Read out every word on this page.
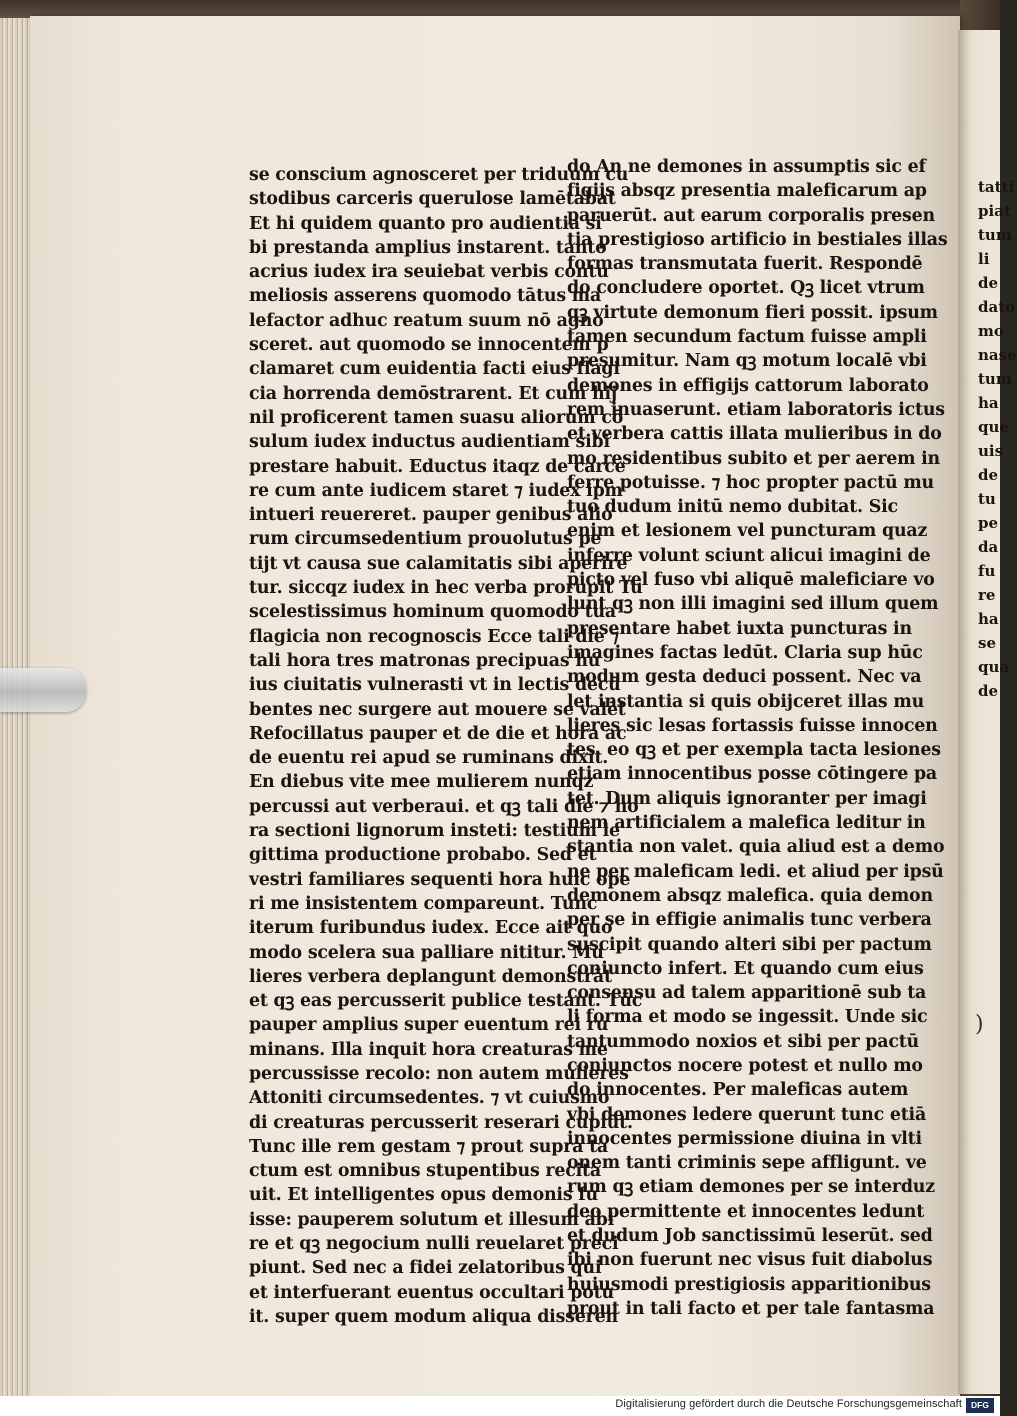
se conscium agnosceret per triduum cu
stodibus carceris querulose lamētabat
Et hi quidem quanto pro audientia si
bi prestanda amplius instarent. tanto
acrius iudex ira seuiebat verbis contu
meliosis asserens quomodo tātus ma
lefactor adhuc reatum suum nō agno
sceret. aut quomodo se innocentem p
clamaret cum euidentia facti eius flagi
cia horrenda demōstrarent. Et cum hij
nil proficerent tamen suasu aliorum cō
sulum iudex inductus audientiam sibi
prestare habuit. Eductus itaqz de carce
re cum ante iudicem staret ⁊ iudex ipm
intueri reuereret. pauper genibus alio
rum circumsedentium prouolutus pe
tijt vt causa sue calamitatis sibi aperire
tur. siccqz iudex in hec verba prorupit Tu
scelestissimus hominum quomodo tua
flagicia non recognoscis Ecce tali die ⁊
tali hora tres matronas precipuas hu
ius ciuitatis vulnerasti vt in lectis decū
bentes nec surgere aut mouere se valēt
Refocillatus pauper et de die et hora ac
de euentu rei apud se ruminans dixit.
En diebus vite mee mulierem nunqz
percussi aut verberaui. et qꝫ tali die ⁊ ho
ra sectioni lignorum insteti: testium le
gittima productione probabo. Sed et
vestri familiares sequenti hora huic ope
ri me insistentem compareunt. Tunc
iterum furibundus iudex. Ecce ait quo
modo scelera sua palliare nititur. Mu
lieres verbera deplangunt demonstrāt
et qꝫ eas percusserit publice testant. Tūc
pauper amplius super euentum rei ru
minans. Illa inquit hora creaturas me
percussisse recolo: non autem mulieres
Attoniti circumsedentes. ⁊ vt cuiusmo
di creaturas percusserit reserari cupiūt.
Tunc ille rem gestam ⁊ prout supra ta
ctum est omnibus stupentibus recita
uit. Et intelligentes opus demonis fu
isse: pauperem solutum et illesum abi
re et qꝫ negocium nulli reuelaret preci
piunt. Sed nec a fidei zelatoribus qui
et interfuerant euentus occultari potu
it. super quem modum aliqua disseren
do An ne demones in assumptis sic ef
figijs absqz presentia maleficarum ap
paruerūt. aut earum corporalis presen
tia prestigioso artificio in bestiales illas
formas transmutata fuerit. Respondē
do concludere oportet. Qꝫ licet vtrum
qꝫ virtute demonum fieri possit. ipsum
tamen secundum factum fuisse ampli
presumitur. Nam qꝫ motum localē vbi
demones in effigijs cattorum laborato
rem inuaserunt. etiam laboratoris ictus
et verbera cattis illata mulieribus in do
mo residentibus subito et per aerem in
ferre potuisse. ⁊ hoc propter pactū mu
tuo dudum initū nemo dubitat. Sic
enim et lesionem vel puncturam quaz
inferre volunt sciunt alicui imagini de
picto vel fuso vbi aliquē maleficiare vo
lunt qꝫ non illi imagini sed illum quem
presentare habet iuxta puncturas in
imagines factas ledūt. Claria sup hūc
modum gesta deduci possent. Nec va
let instantia si quis obijceret illas mu
lieres sic lesas fortassis fuisse innocen
tes. eo qꝫ et per exempla tacta lesiones
etiam innocentibus posse cōtingere pa
tet. Dum aliquis ignoranter per imagi
nem artificialem a malefica leditur in
stantia non valet. quia aliud est a demo
ne per maleficam ledi. et aliud per ipsū
demonem absqz malefica. quia demon
per se in effigie animalis tunc verbera
suscipit quando alteri sibi per pactum
coniuncto infert. Et quando cum eius
consensu ad talem apparitionē sub ta
li forma et modo se ingessit. Unde sic
tantummodo noxios et sibi per pactū
coniunctos nocere potest et nullo mo
do innocentes. Per maleficas autem
vbi demones ledere querunt tunc etiā
innocentes permissione diuina in vlti
onem tanti criminis sepe affligunt. ve
rum qꝫ etiam demones per se interduz
deo permittente et innocentes ledunt
et dudum Job sanctissimū leserūt. sed
ibi non fuerunt nec visus fuit diabolus
huiusmodi prestigiosis apparitionibus
prout in tali facto et per tale fantasma
tatti
piat
tum
li
de
dato
mo
nase
tum
ha
que
uis
de
tu
pe
da
fu
re
ha
se
qua
de
)
Digitalisierung gefördert durch die Deutsche Forschungsgemeinschaft	DFG
